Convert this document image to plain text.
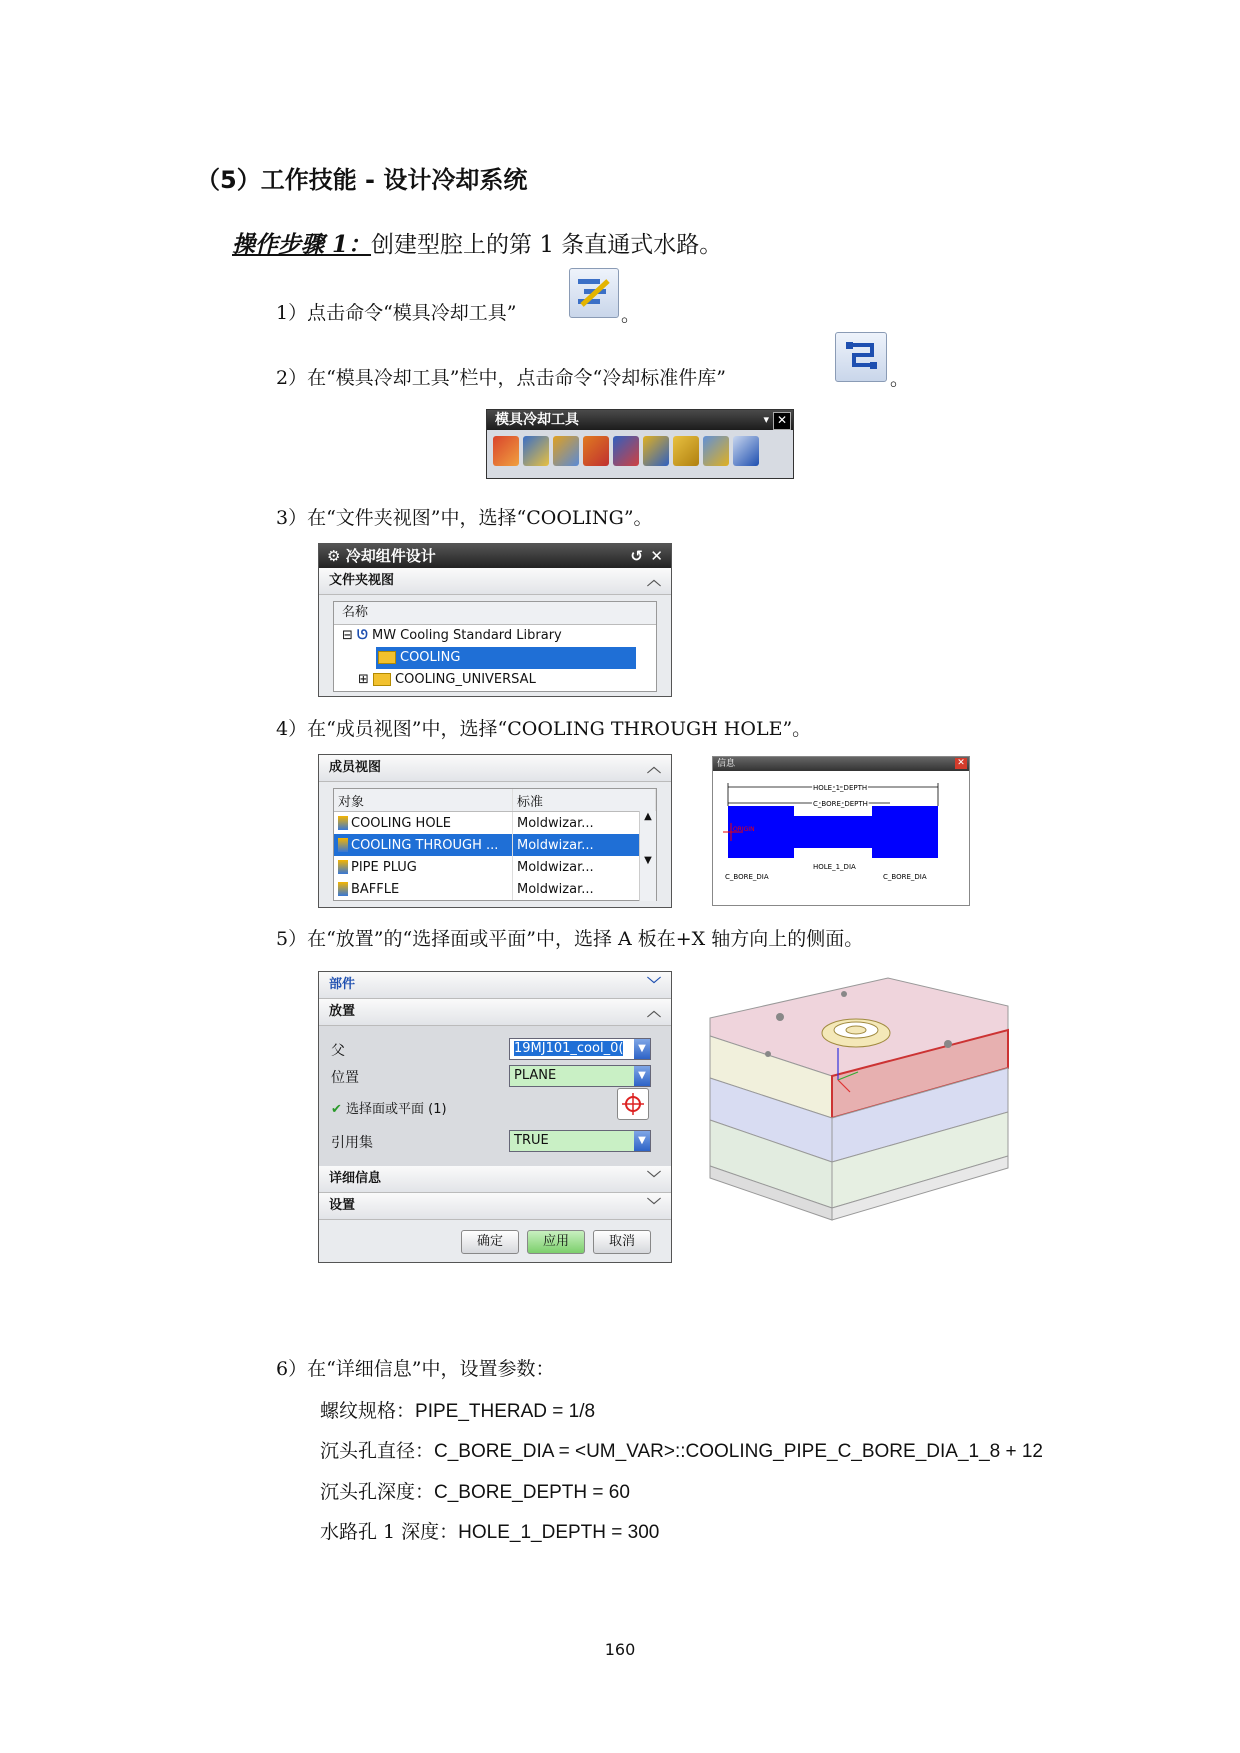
（5）工作技能 - 设计冷却系统
操作步骤 1：创建型腔上的第 1 条直通式水路。
1）点击命令“模具冷却工具”	。
2）在“模具冷却工具”栏中，点击命令“冷却标准件库”	。
模具冷却工具	▾ ✕
3）在“文件夹视图”中，选择“COOLING”。
⚙ 冷却组件设计	↺ ✕
文件夹视图	︿
名称
⊟ ᘎ MW Cooling Standard Library
COOLING
⊞ COOLING_UNIVERSAL
4）在“成员视图”中，选择“COOLING THROUGH HOLE”。
成员视图	︿
对象	标准
COOLING HOLE	Moldwizar...
COOLING THROUGH ...	Moldwizar...
PIPE PLUG	Moldwizar...
BAFFLE	Moldwizar...
▲

▼
信息	✕
HOLE_1_DEPTH
C_BORE_DEPTH
ORIGIN
HOLE_1_DIA
C_BORE_DIA	C_BORE_DIA
5）在“放置”的“选择面或平面”中，选择 A 板在+X 轴方向上的侧面。
部件	﹀
放置	︿
父	19MJ101_cool_0(	▼
位置	PLANE	▼
✔ 选择面或平面 (1)
引用集	TRUE	▼
详细信息	﹀
设置	﹀
确定	应用	取消
6）在“详细信息”中，设置参数：
螺纹规格：PIPE_THERAD = 1/8
沉头孔直径：C_BORE_DIA = <UM_VAR>::COOLING_PIPE_C_BORE_DIA_1_8 + 12
沉头孔深度：C_BORE_DEPTH = 60
水路孔 1 深度：HOLE_1_DEPTH = 300
160
